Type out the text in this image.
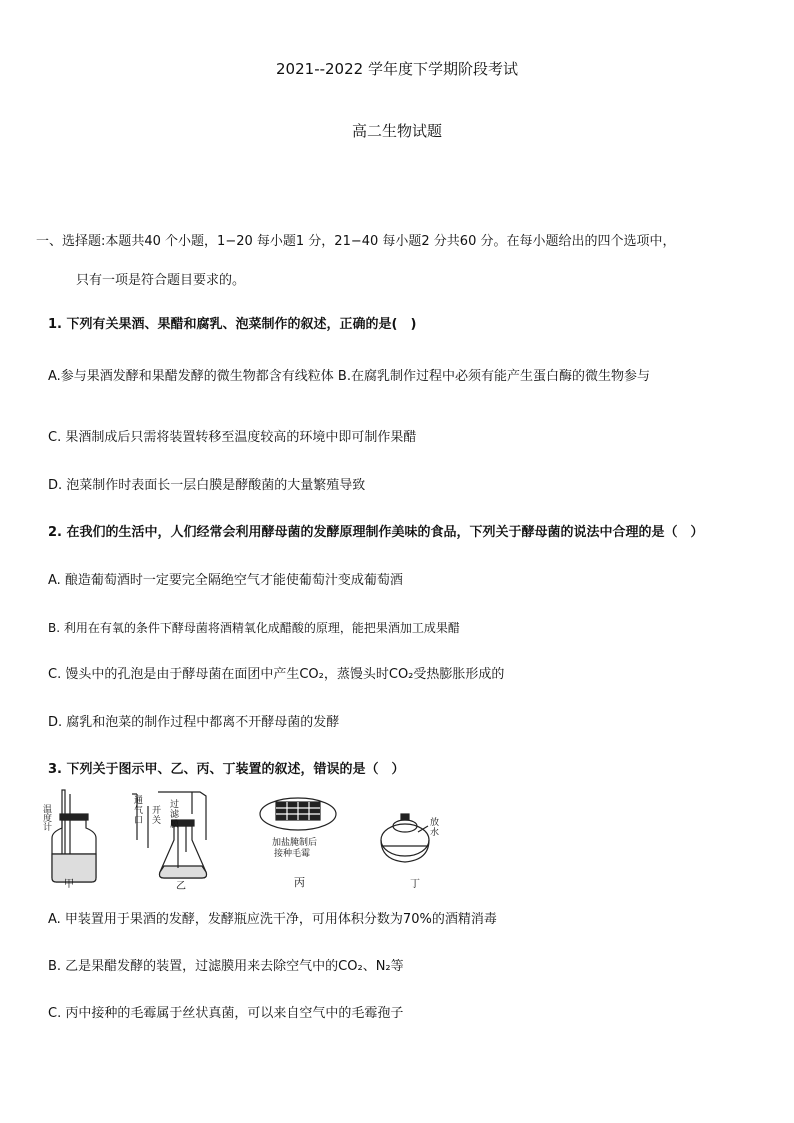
2021--2022 学年度下学期阶段考试
高二生物试题
一、选择题:本题共40 个小题，1−20 每小题1 分，21−40 每小题2 分共60 分。在每小题给出的四个选项中，
只有一项是符合题目要求的。
1. 下列有关果酒、果醋和腐乳、泡菜制作的叙述，正确的是(　)
A.参与果酒发酵和果醋发酵的微生物都含有线粒体 B.在腐乳制作过程中必须有能产生蛋白酶的微生物参与
C. 果酒制成后只需将装置转移至温度较高的环境中即可制作果醋
D. 泡菜制作时表面长一层白膜是酵酸菌的大量繁殖导致
2. 在我们的生活中，人们经常会利用酵母菌的发酵原理制作美味的食品，下列关于酵母菌的说法中合理的是（　）
A. 酿造葡萄酒时一定要完全隔绝空气才能使葡萄汁变成葡萄酒
B. 利用在有氧的条件下酵母菌将酒精氧化成醋酸的原理，能把果酒加工成果醋
C. 馒头中的孔泡是由于酵母菌在面团中产生CO₂，蒸馒头时CO₂受热膨胀形成的
D. 腐乳和泡菜的制作过程中都离不开酵母菌的发酵
3. 下列关于图示甲、乙、丙、丁装置的叙述，错误的是（　）
温度计
通气口
开关
过滤膜
加盐腌制后
接种毛霉
放水
甲	乙	丙	丁
A. 甲装置用于果酒的发酵，发酵瓶应洗干净，可用体积分数为70%的酒精消毒
B. 乙是果醋发酵的装置，过滤膜用来去除空气中的CO₂、N₂等
C. 丙中接种的毛霉属于丝状真菌，可以来自空气中的毛霉孢子
